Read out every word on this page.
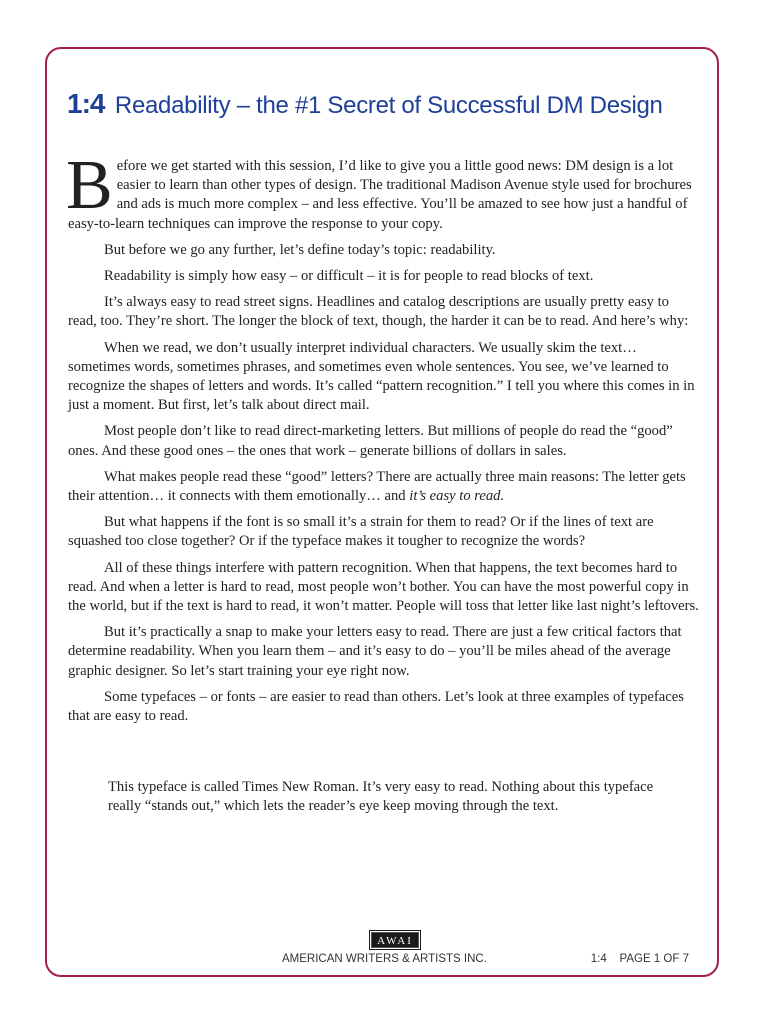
1:4 Readability – the #1 Secret of Successful DM Design

Before we get started with this session, I’d like to give you a little good news: DM design is a lot easier to learn than other types of design. The traditional Madison Avenue style used for brochures and ads is much more complex – and less effective. You’ll be amazed to see how just a handful of easy-to-learn techniques can improve the response to your copy.

But before we go any further, let’s define today’s topic: readability.

Readability is simply how easy – or difficult – it is for people to read blocks of text.

It’s always easy to read street signs. Headlines and catalog descriptions are usually pretty easy to read, too. They’re short. The longer the block of text, though, the harder it can be to read. And here’s why:

When we read, we don’t usually interpret individual characters. We usually skim the text… sometimes words, sometimes phrases, and sometimes even whole sentences. You see, we’ve learned to recognize the shapes of letters and words. It’s called “pattern recognition.” I tell you where this comes in in just a moment. But first, let’s talk about direct mail.

Most people don’t like to read direct-marketing letters. But millions of people do read the “good” ones. And these good ones – the ones that work – generate billions of dollars in sales.

What makes people read these “good” letters? There are actually three main reasons: The letter gets their attention… it connects with them emotionally… and it’s easy to read.

But what happens if the font is so small it’s a strain for them to read? Or if the lines of text are squashed too close together? Or if the typeface makes it tougher to recognize the words?

All of these things interfere with pattern recognition. When that happens, the text becomes hard to read. And when a letter is hard to read, most people won’t bother. You can have the most powerful copy in the world, but if the text is hard to read, it won’t matter. People will toss that letter like last night’s leftovers.

But it’s practically a snap to make your letters easy to read. There are just a few critical factors that determine readability. When you learn them – and it’s easy to do – you’ll be miles ahead of the average graphic designer. So let’s start training your eye right now.

Some typefaces – or fonts – are easier to read than others. Let’s look at three examples of typefaces that are easy to read.

This typeface is called Times New Roman. It’s very easy to read. Nothing about this typeface really “stands out,” which lets the reader’s eye keep moving through the text.
AWAI
AMERICAN WRITERS & ARTISTS INC.	1:4    PAGE 1 OF 7
